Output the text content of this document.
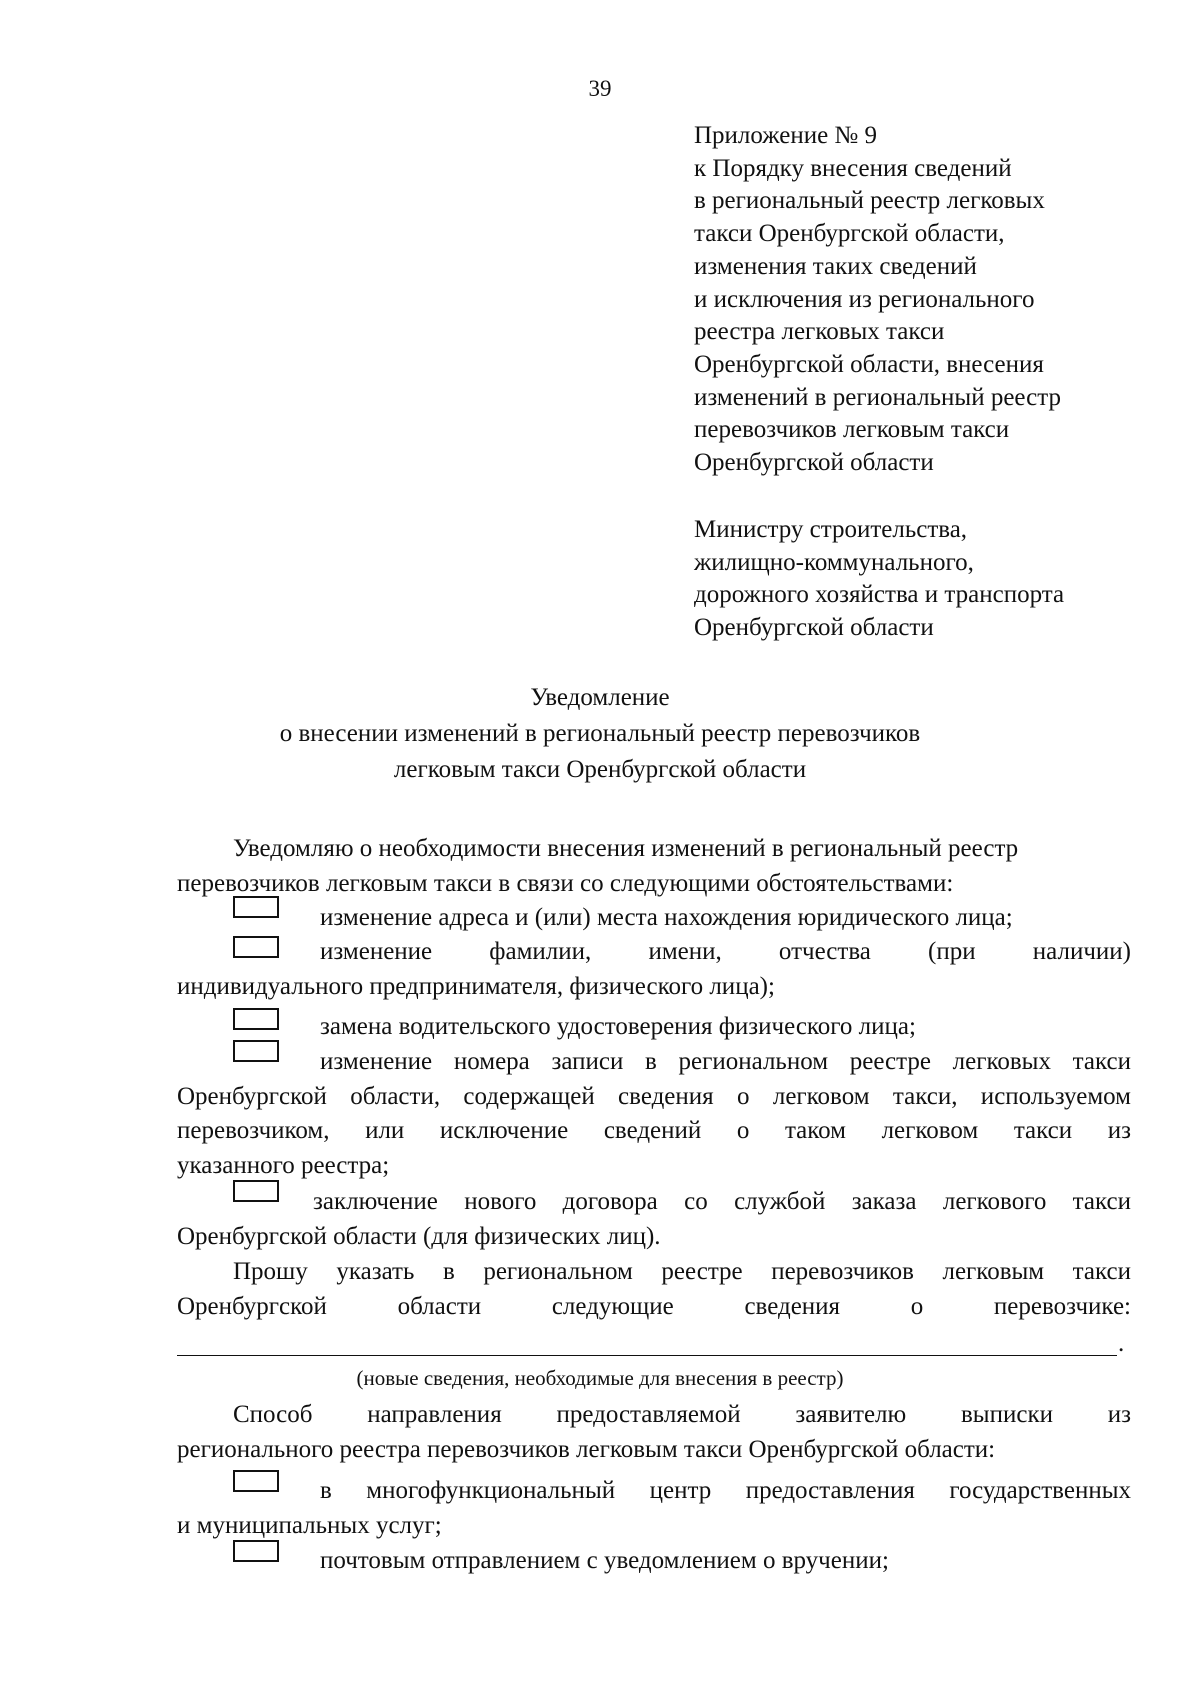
39
Приложение № 9
к Порядку внесения сведений
в региональный реестр легковых
такси Оренбургской области,
изменения таких сведений
и исключения из регионального
реестра легковых такси
Оренбургской области, внесения
изменений в региональный реестр
перевозчиков легковым такси
Оренбургской области
Министру строительства,
жилищно-коммунального,
дорожного хозяйства и транспорта
Оренбургской области
Уведомление
о внесении изменений в региональный реестр перевозчиков
легковым такси Оренбургской области
Уведомляю о необходимости внесения изменений в региональный реестр
перевозчиков легковым такси в связи со следующими обстоятельствами:
изменение адреса и (или) места нахождения юридического лица;
изменение фамилии, имени, отчества (при наличии)
индивидуального предпринимателя, физического лица);
замена водительского удостоверения физического лица;
изменение номера записи в региональном реестре легковых такси
Оренбургской области, содержащей сведения о легковом такси, используемом
перевозчиком, или исключение сведений о таком легковом такси из
указанного реестра;
заключение нового договора со службой заказа легкового такси
Оренбургской области (для физических лиц).
Прошу указать в региональном реестре перевозчиков легковым такси
Оренбургской области следующие сведения о перевозчике:
.
(новые сведения, необходимые для внесения в реестр)
Способ направления предоставляемой заявителю выписки из
регионального реестра перевозчиков легковым такси Оренбургской области:
в многофункциональный центр предоставления государственных
и муниципальных услуг;
почтовым отправлением с уведомлением о вручении;
